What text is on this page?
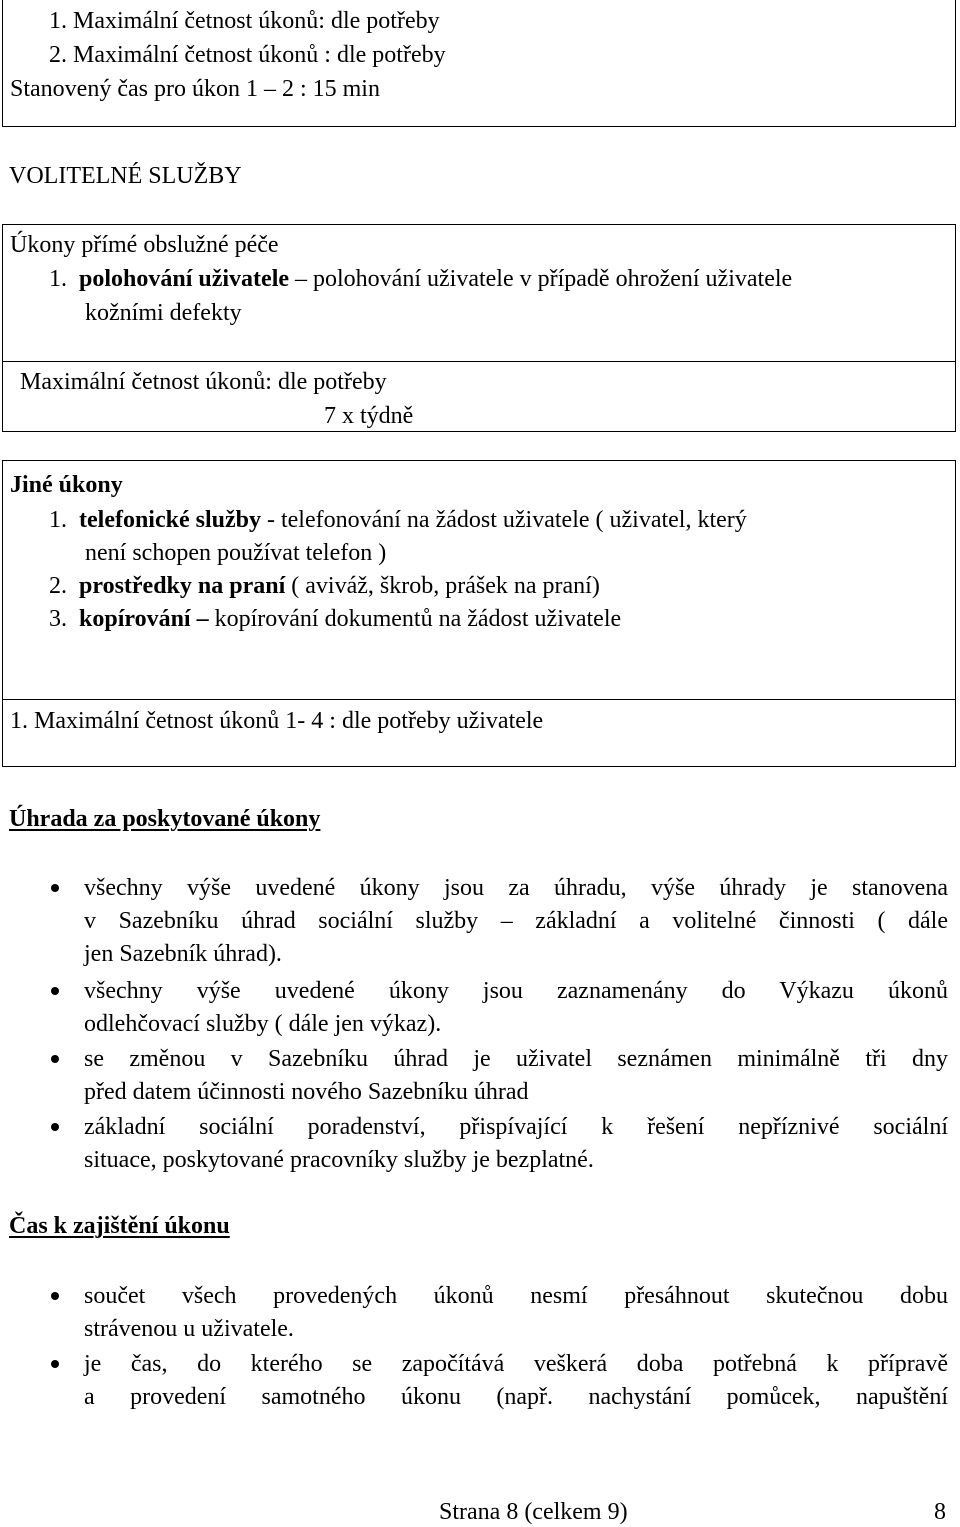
1. Maximální četnost úkonů: dle potřeby
2. Maximální četnost úkonů : dle potřeby
Stanovený čas pro úkon 1 – 2 : 15 min
VOLITELNÉ SLUŽBY
Úkony přímé obslužné péče
1. polohování uživatele – polohování uživatele v případě ohrožení uživatele
kožními defekty
Maximální četnost úkonů: dle potřeby
7 x týdně
Jiné úkony
1. telefonické služby - telefonování na žádost uživatele ( uživatel, který
není schopen používat telefon )
2. prostředky na praní ( aviváž, škrob, prášek na praní)
3. kopírování – kopírování dokumentů na žádost uživatele
1. Maximální četnost úkonů 1- 4 : dle potřeby uživatele
Úhrada za poskytované úkony
všechny výše uvedené úkony jsou za úhradu, výše úhrady je stanovena
v Sazebníku úhrad sociální služby – základní a volitelné činnosti ( dále
jen Sazebník úhrad).
všechny výše uvedené úkony jsou zaznamenány do Výkazu úkonů
odlehčovací služby ( dále jen výkaz).
se změnou v Sazebníku úhrad je uživatel seznámen minimálně tři dny
před datem účinnosti nového Sazebníku úhrad
základní sociální poradenství, přispívající k řešení nepříznivé sociální
situace, poskytované pracovníky služby je bezplatné.
Čas k zajištění úkonu
součet všech provedených úkonů nesmí přesáhnout skutečnou dobu
strávenou u uživatele.
je čas, do kterého se započítává veškerá doba potřebná k přípravě
a provedení samotného úkonu (např. nachystání pomůcek, napuštění
Strana 8 (celkem 9)	8
